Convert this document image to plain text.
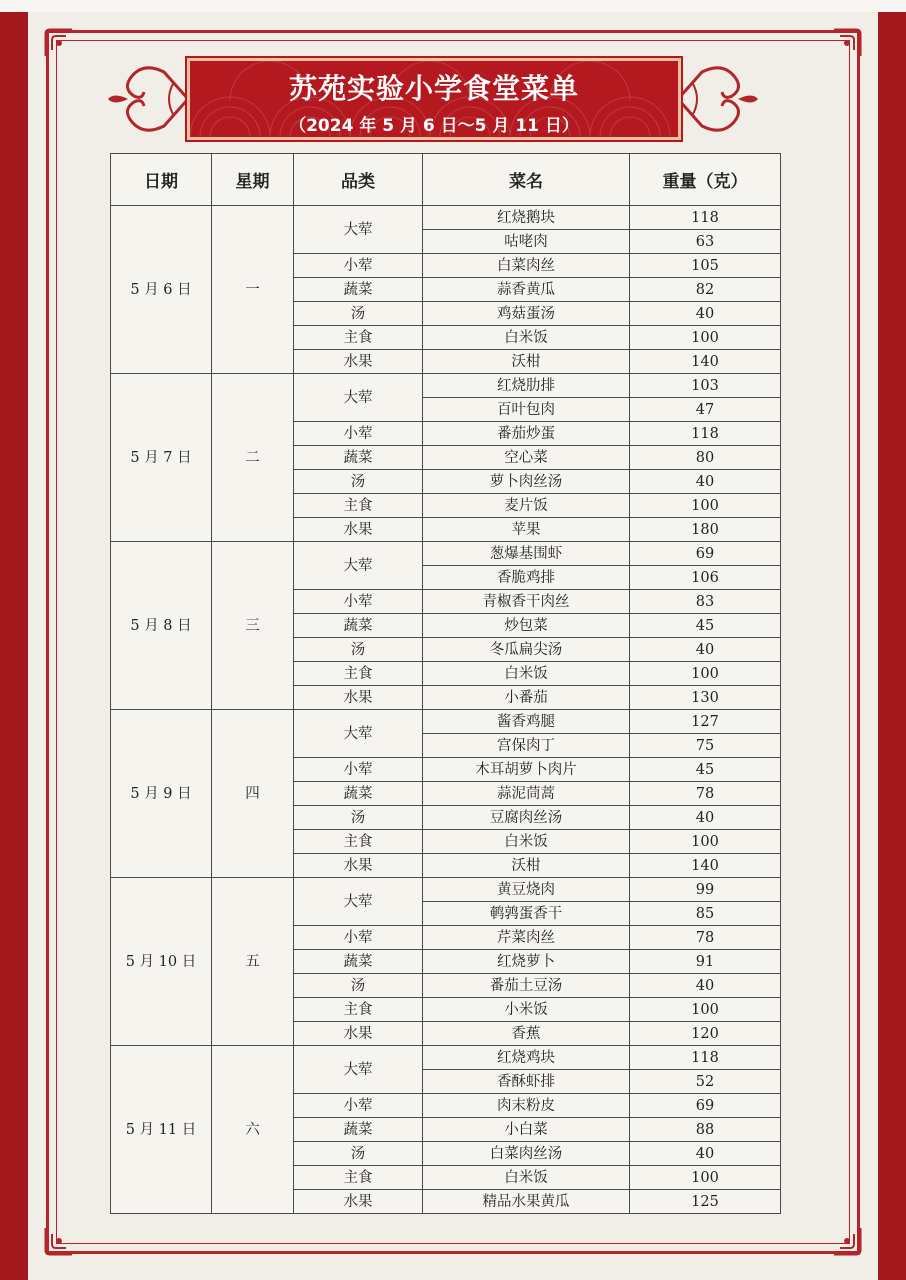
苏苑实验小学食堂菜单
（2024 年 5 月 6 日～5 月 11 日）
日期	星期	品类	菜名	重量（克）
5 月 6 日	一	大荤	红烧鹅块	118
			咕咾肉	63
		小荤	白菜肉丝	105
		蔬菜	蒜香黄瓜	82
		汤	鸡菇蛋汤	40
		主食	白米饭	100
		水果	沃柑	140
5 月 7 日	二	大荤	红烧肋排	103
			百叶包肉	47
		小荤	番茄炒蛋	118
		蔬菜	空心菜	80
		汤	萝卜肉丝汤	40
		主食	麦片饭	100
		水果	苹果	180
5 月 8 日	三	大荤	葱爆基围虾	69
			香脆鸡排	106
		小荤	青椒香干肉丝	83
		蔬菜	炒包菜	45
		汤	冬瓜扁尖汤	40
		主食	白米饭	100
		水果	小番茄	130
5 月 9 日	四	大荤	酱香鸡腿	127
			宫保肉丁	75
		小荤	木耳胡萝卜肉片	45
		蔬菜	蒜泥茼蒿	78
		汤	豆腐肉丝汤	40
		主食	白米饭	100
		水果	沃柑	140
5 月 10 日	五	大荤	黄豆烧肉	99
			鹌鹑蛋香干	85
		小荤	芹菜肉丝	78
		蔬菜	红烧萝卜	91
		汤	番茄土豆汤	40
		主食	小米饭	100
		水果	香蕉	120
5 月 11 日	六	大荤	红烧鸡块	118
			香酥虾排	52
		小荤	肉末粉皮	69
		蔬菜	小白菜	88
		汤	白菜肉丝汤	40
		主食	白米饭	100
		水果	精品水果黄瓜	125
